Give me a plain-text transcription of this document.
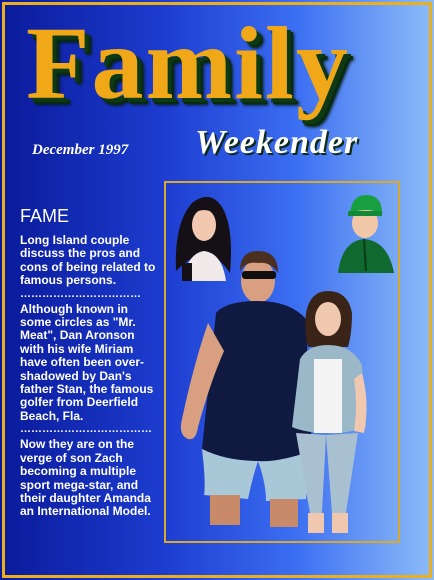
Family
Weekender
December 1997
FAME

Long Island couple discuss the pros and cons of being related to famous persons.

……………………………

Although known in some circles as "Mr. Meat", Dan Aronson with his wife Miriam have often been over-shadowed by Dan's father Stan, the famous golfer from Deerfield Beach, Fla.

………………………………

Now they are on the verge of son Zach becoming a multiple sport mega-star, and their daughter Amanda an International Model.
